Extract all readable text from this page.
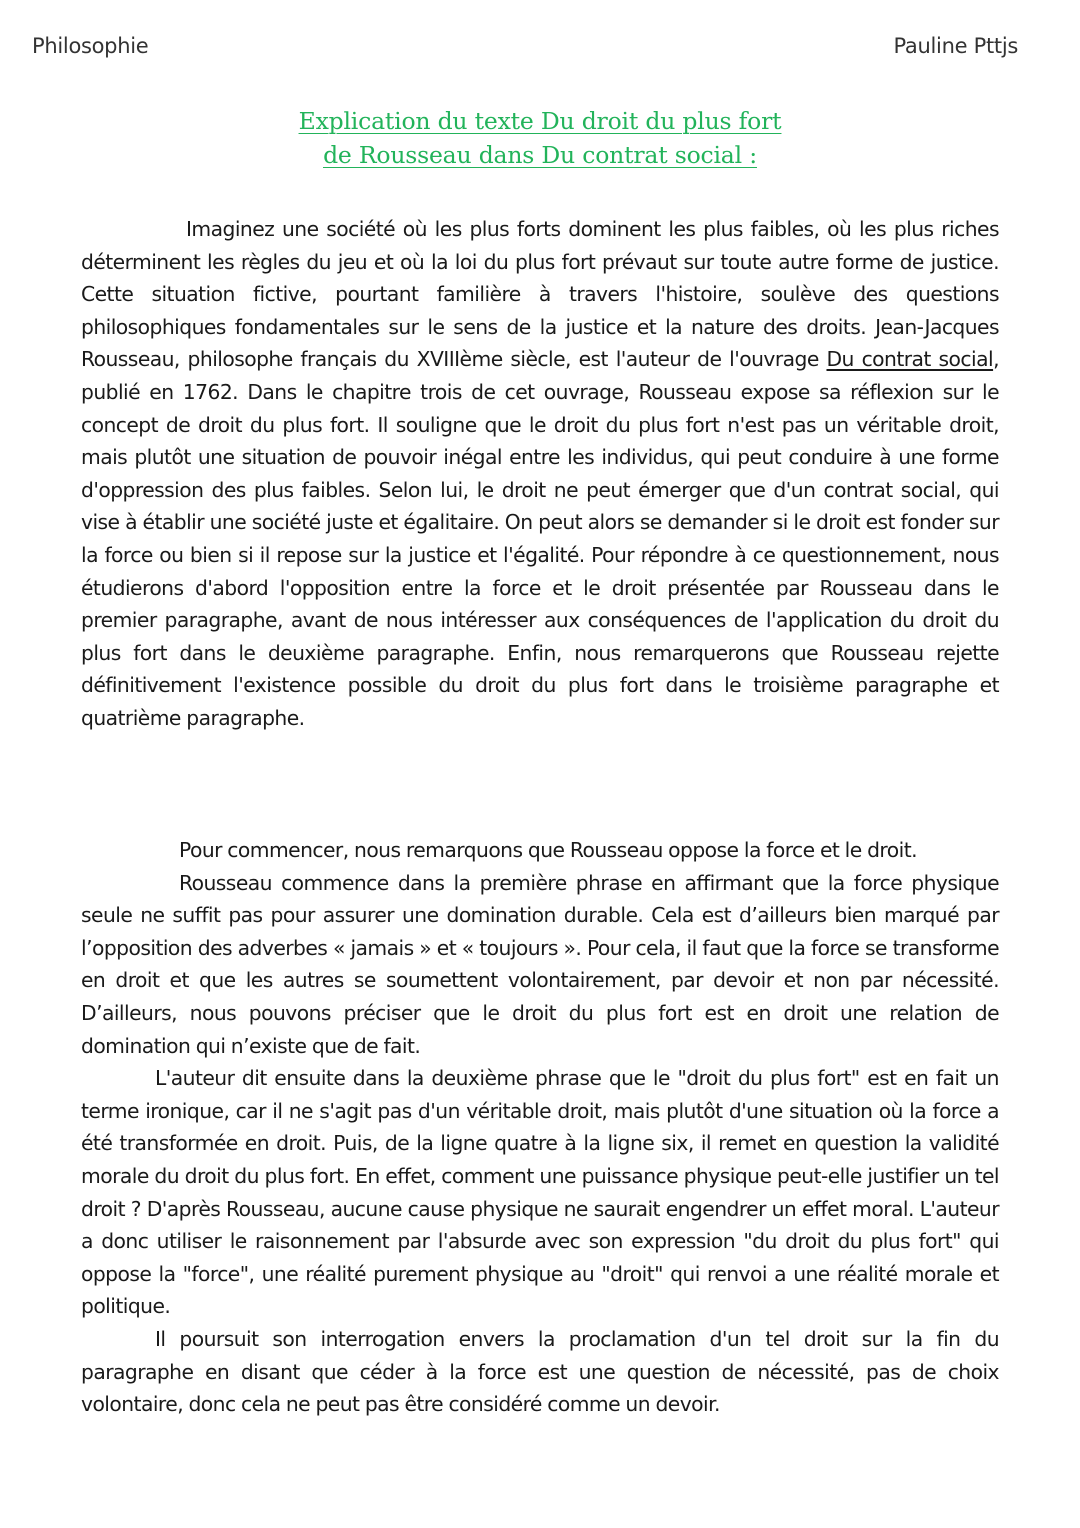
Philosophie	Pauline Pttjs
Explication du texte Du droit du plus fort
de Rousseau dans Du contrat social :

Imaginez une société où les plus forts dominent les plus faibles, où les plus riches déterminent les règles du jeu et où la loi du plus fort prévaut sur toute autre forme de justice. Cette situation fictive, pourtant familière à travers l'histoire, soulève des questions philosophiques fondamentales sur le sens de la justice et la nature des droits. Jean-Jacques Rousseau, philosophe français du XVIIIème siècle, est l'auteur de l'ouvrage Du contrat social, publié en 1762. Dans le chapitre trois de cet ouvrage, Rousseau expose sa réflexion sur le concept de droit du plus fort. Il souligne que le droit du plus fort n'est pas un véritable droit, mais plutôt une situation de pouvoir inégal entre les individus, qui peut conduire à une forme d'oppression des plus faibles. Selon lui, le droit ne peut émerger que d'un contrat social, qui vise à établir une société juste et égalitaire. On peut alors se demander si le droit est fonder sur la force ou bien si il repose sur la justice et l'égalité. Pour répondre à ce questionnement, nous étudierons d'abord l'opposition entre la force et le droit présentée par Rousseau dans le premier paragraphe, avant de nous intéresser aux conséquences de l'application du droit du plus fort dans le deuxième paragraphe. Enfin, nous remarquerons que Rousseau rejette définitivement l'existence possible du droit du plus fort dans le troisième paragraphe et quatrième paragraphe.

Pour commencer, nous remarquons que Rousseau oppose la force et le droit.

Rousseau commence dans la première phrase en affirmant que la force physique seule ne suffit pas pour assurer une domination durable. Cela est d’ailleurs bien marqué par l’opposition des adverbes « jamais » et « toujours ». Pour cela, il faut que la force se transforme en droit et que les autres se soumettent volontairement, par devoir et non par nécessité. D’ailleurs, nous pouvons préciser que le droit du plus fort est en droit une relation de domination qui n’existe que de fait.

L'auteur dit ensuite dans la deuxième phrase que le "droit du plus fort" est en fait un terme ironique, car il ne s'agit pas d'un véritable droit, mais plutôt d'une situation où la force a été transformée en droit. Puis, de la ligne quatre à la ligne six, il remet en question la validité morale du droit du plus fort. En effet, comment une puissance physique peut-elle justifier un tel droit ? D'après Rousseau, aucune cause physique ne saurait engendrer un effet moral. L'auteur a donc utiliser le raisonnement par l'absurde avec son expression "du droit du plus fort" qui oppose la "force", une réalité purement physique au "droit" qui renvoi a une réalité morale et politique.

Il poursuit son interrogation envers la proclamation d'un tel droit sur la fin du paragraphe en disant que céder à la force est une question de nécessité, pas de choix volontaire, donc cela ne peut pas être considéré comme un devoir.
